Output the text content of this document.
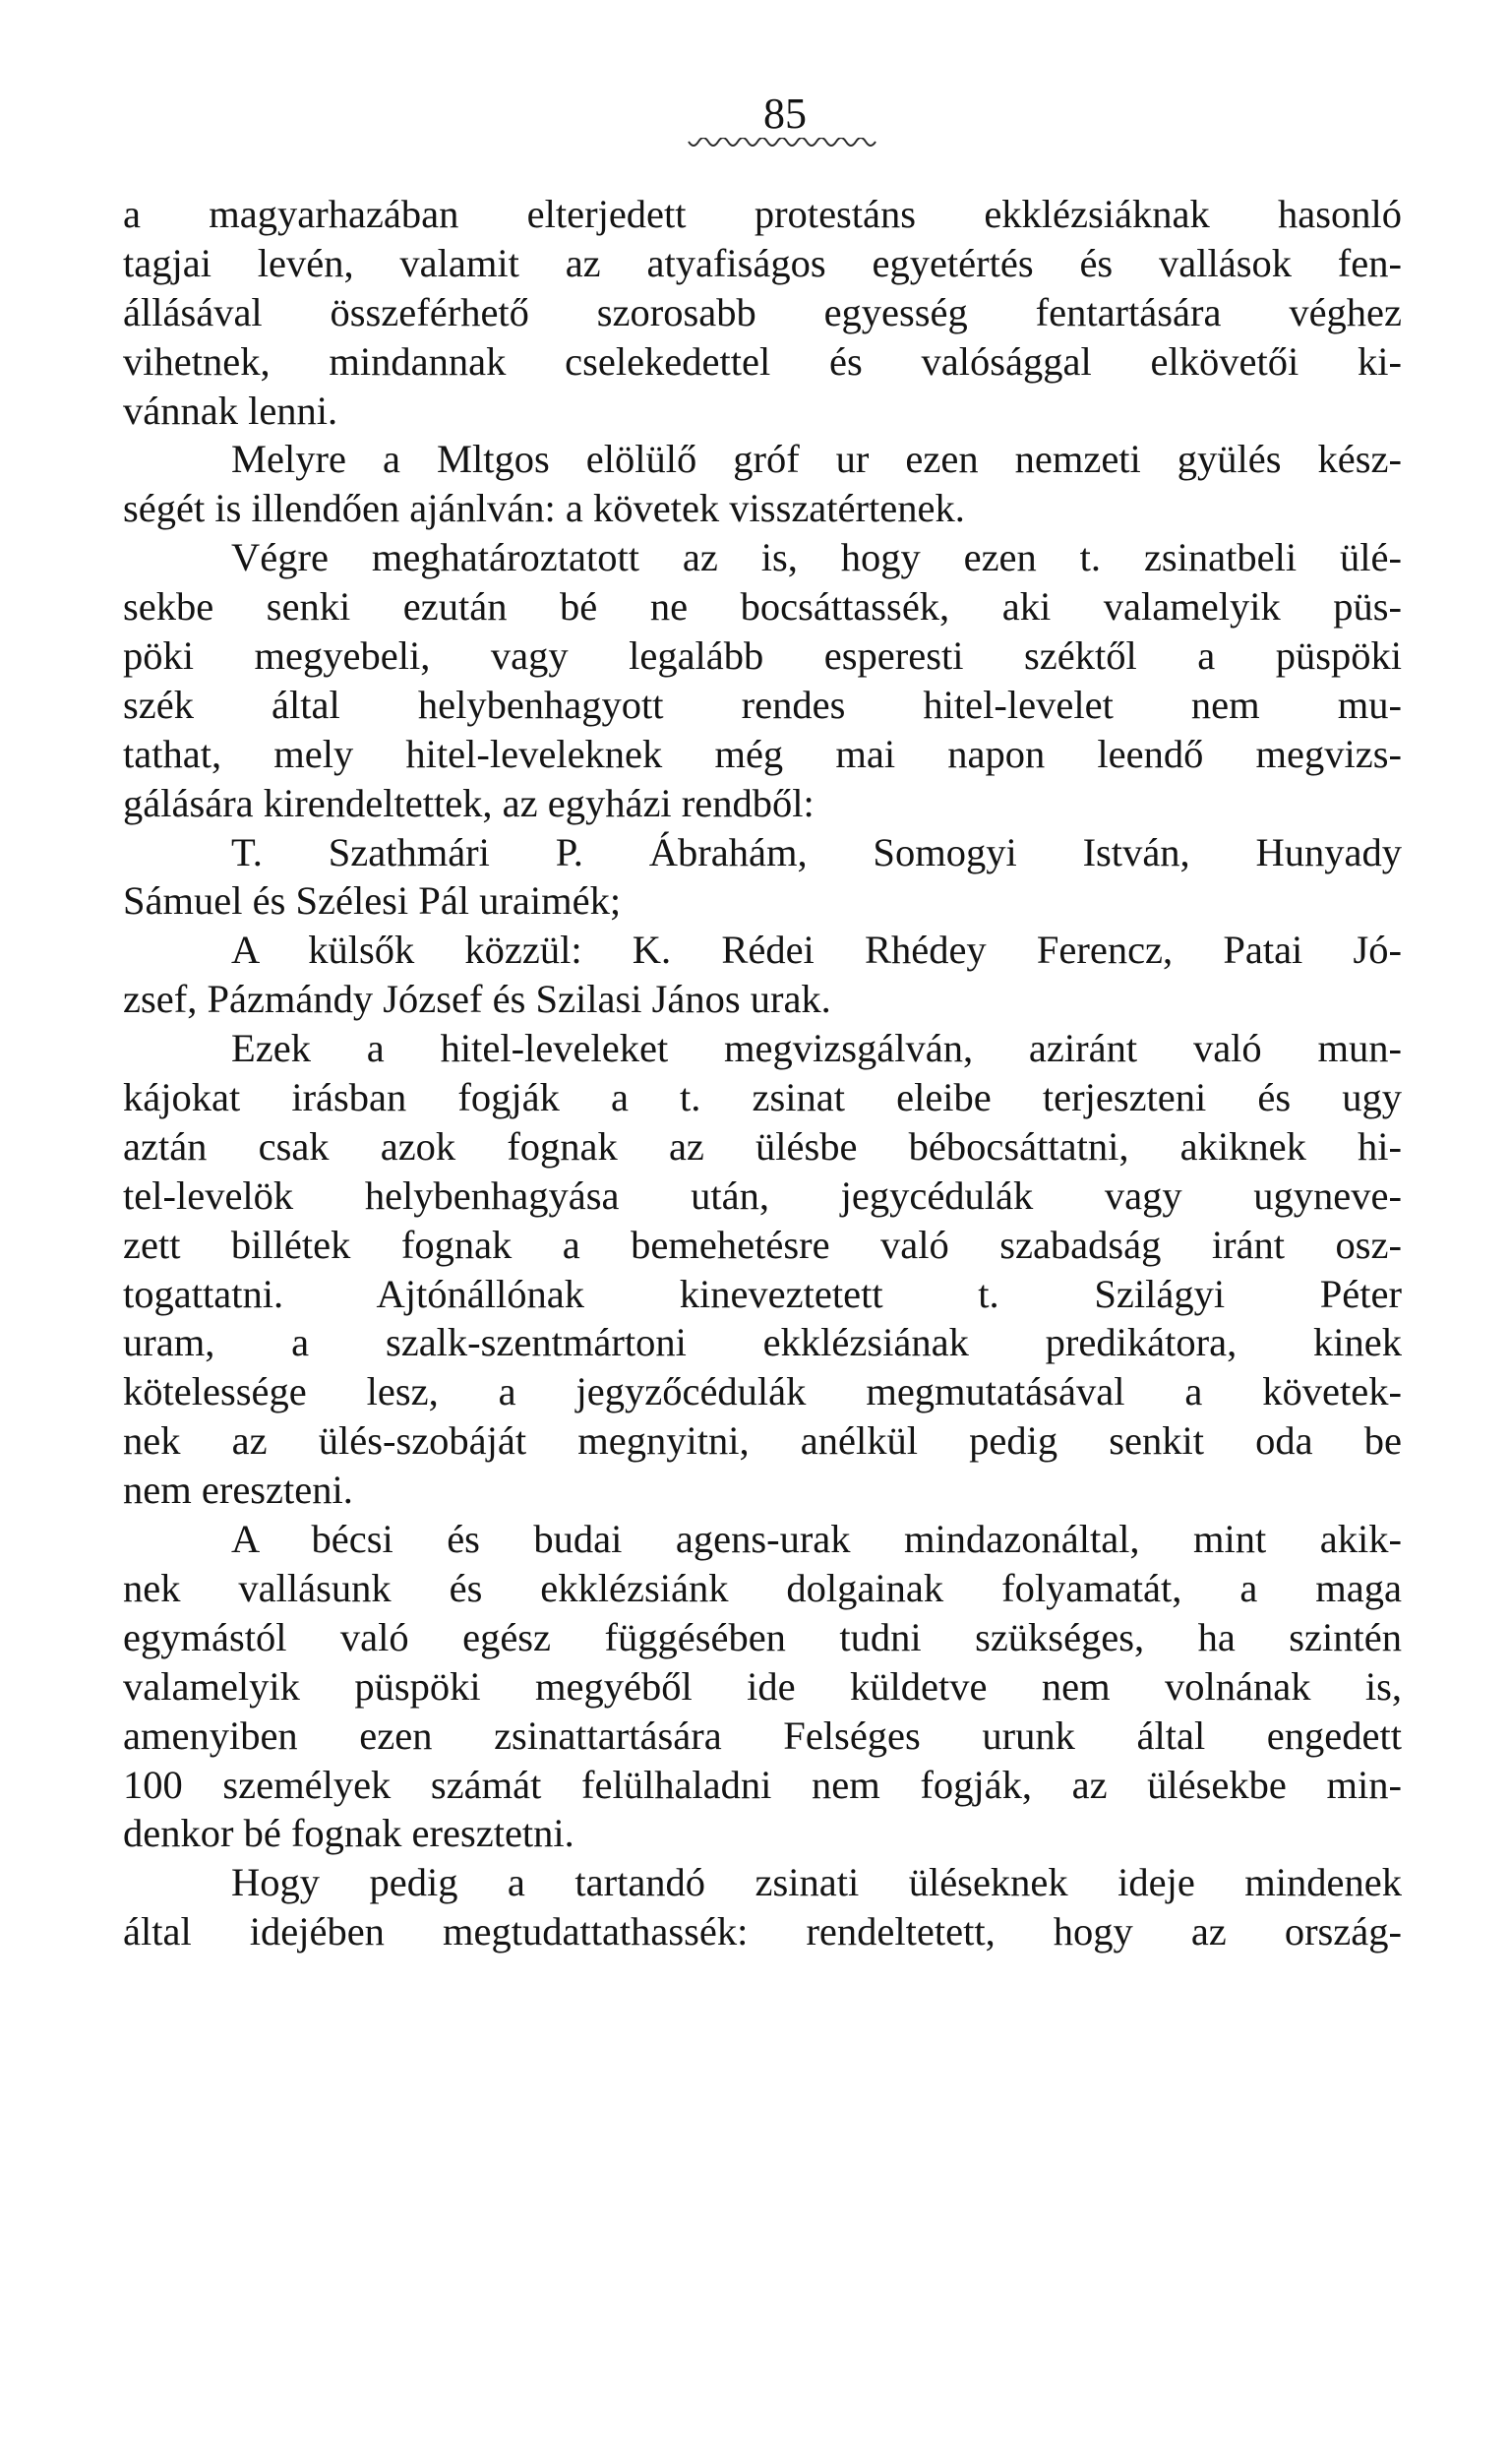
85
a magyarhazában elterjedett protestáns ekklézsiáknak hasonló
tagjai levén, valamit az atyafiságos egyetértés és vallások fen-
állásával összeférhető szorosabb egyesség fentartására véghez
vihetnek, mindannak cselekedettel és valósággal elkövetői ki-
vánnak lenni.
Melyre a Mltgos elölülő gróf ur ezen nemzeti gyülés kész-
ségét is illendően ajánlván: a követek visszatértenek.
Végre meghatároztatott az is, hogy ezen t. zsinatbeli ülé-
sekbe senki ezután bé ne bocsáttassék, aki valamelyik püs-
pöki megyebeli, vagy legalább esperesti széktől a püspöki
szék által helybenhagyott rendes hitel-levelet nem mu-
tathat, mely hitel-leveleknek még mai napon leendő megvizs-
gálására kirendeltettek, az egyházi rendből:
T. Szathmári P. Ábrahám, Somogyi István, Hunyady
Sámuel és Szélesi Pál uraimék;
A külsők közzül: K. Rédei Rhédey Ferencz, Patai Jó-
zsef, Pázmándy József és Szilasi János urak.
Ezek a hitel-leveleket megvizsgálván, aziránt való mun-
kájokat irásban fogják a t. zsinat eleibe terjeszteni és ugy
aztán csak azok fognak az ülésbe bébocsáttatni, akiknek hi-
tel-levelök helybenhagyása után, jegycédulák vagy ugyneve-
zett billétek fognak a bemehetésre való szabadság iránt osz-
togattatni. Ajtónállónak kineveztetett t. Szilágyi Péter
uram, a szalk-szentmártoni ekklézsiának predikátora, kinek
kötelessége lesz, a jegyzőcédulák megmutatásával a követek-
nek az ülés-szobáját megnyitni, anélkül pedig senkit oda be
nem ereszteni.
A bécsi és budai agens-urak mindazonáltal, mint akik-
nek vallásunk és ekklézsiánk dolgainak folyamatát, a maga
egymástól való egész függésében tudni szükséges, ha szintén
valamelyik püspöki megyéből ide küldetve nem volnának is,
amenyiben ezen zsinattartására Felséges urunk által engedett
100 személyek számát felülhaladni nem fogják, az ülésekbe min-
denkor bé fognak eresztetni.
Hogy pedig a tartandó zsinati üléseknek ideje mindenek
által idejében megtudattathassék: rendeltetett, hogy az ország-
